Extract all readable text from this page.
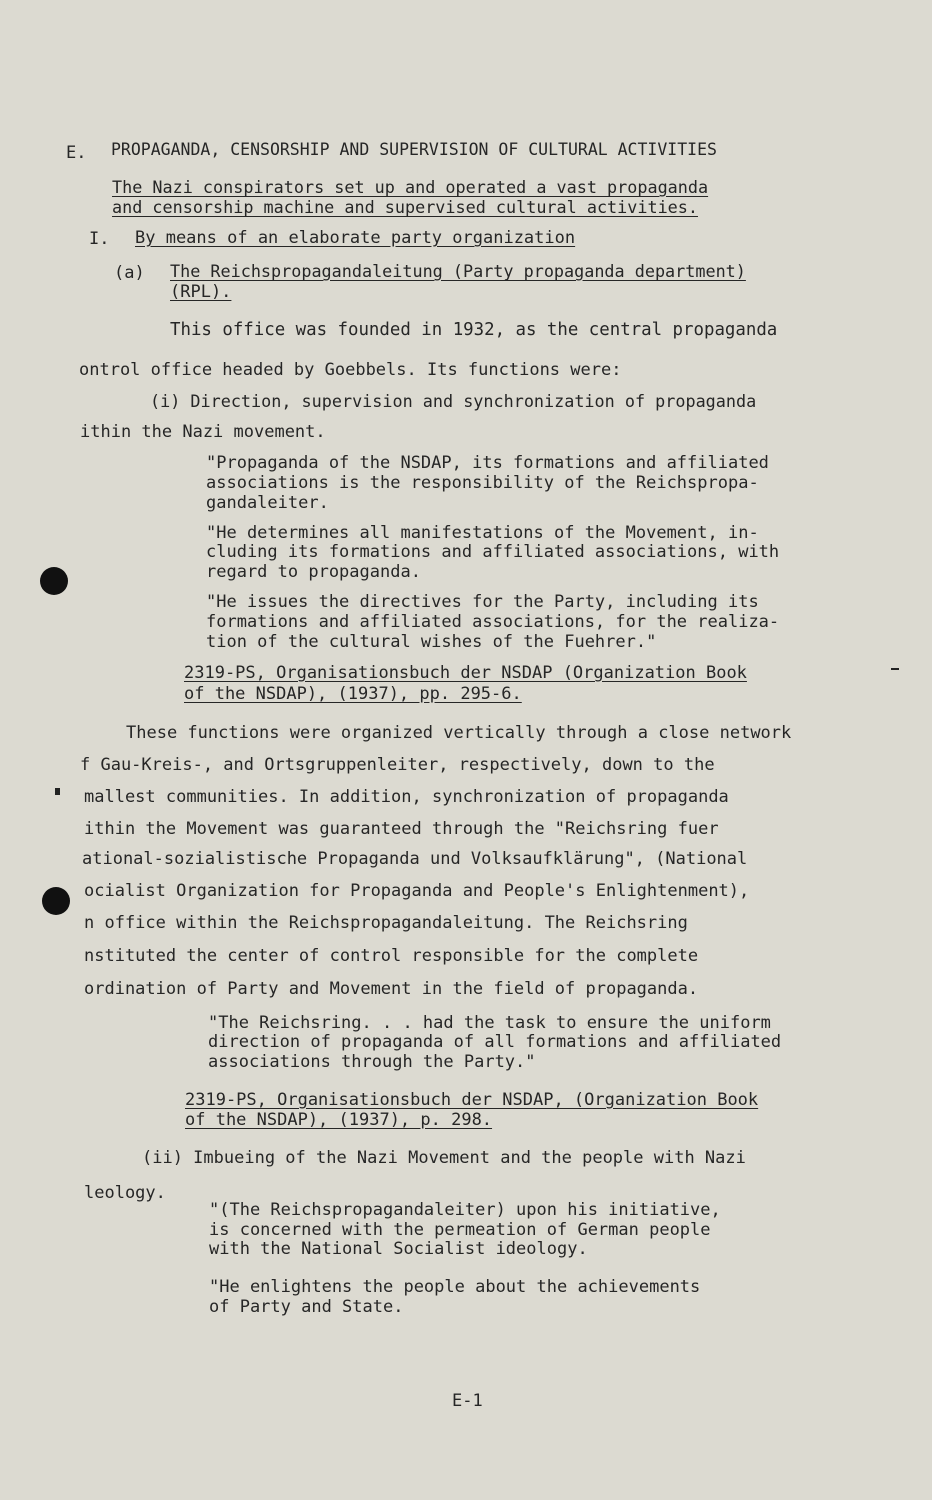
E. PROPAGANDA, CENSORSHIP AND SUPERVISION OF CULTURAL ACTIVITIES

The Nazi conspirators set up and operated a vast propaganda

and censorship machine and supervised cultural activities.

I. By means of an elaborate party organization

(a) The Reichspropagandaleitung (Party propaganda department)

(RPL).

This office was founded in 1932, as the central propaganda

ontrol office headed by Goebbels. Its functions were:

(i) Direction, supervision and synchronization of propaganda

ithin the Nazi movement.

"Propaganda of the NSDAP, its formations and affiliated

associations is the responsibility of the Reichspropa-

gandaleiter.

"He determines all manifestations of the Movement, in-

cluding its formations and affiliated associations, with

regard to propaganda.

"He issues the directives for the Party, including its

formations and affiliated associations, for the realiza-

tion of the cultural wishes of the Fuehrer."

2319-PS, Organisationsbuch der NSDAP (Organization Book

of the NSDAP), (1937), pp. 295-6.

These functions were organized vertically through a close network

f Gau-Kreis-, and Ortsgruppenleiter, respectively, down to the

mallest communities. In addition, synchronization of propaganda

ithin the Movement was guaranteed through the "Reichsring fuer

ational-sozialistische Propaganda und Volksaufklärung", (National

ocialist Organization for Propaganda and People's Enlightenment),

n office within the Reichspropagandaleitung. The Reichsring

nstituted the center of control responsible for the complete

ordination of Party and Movement in the field of propaganda.

"The Reichsring. . . had the task to ensure the uniform

direction of propaganda of all formations and affiliated

associations through the Party."

2319-PS, Organisationsbuch der NSDAP, (Organization Book

of the NSDAP), (1937), p. 298.

(ii) Imbueing of the Nazi Movement and the people with Nazi

leology.

"(The Reichspropagandaleiter) upon his initiative,

is concerned with the permeation of German people

with the National Socialist ideology.

"He enlightens the people about the achievements

of Party and State.

E-1
